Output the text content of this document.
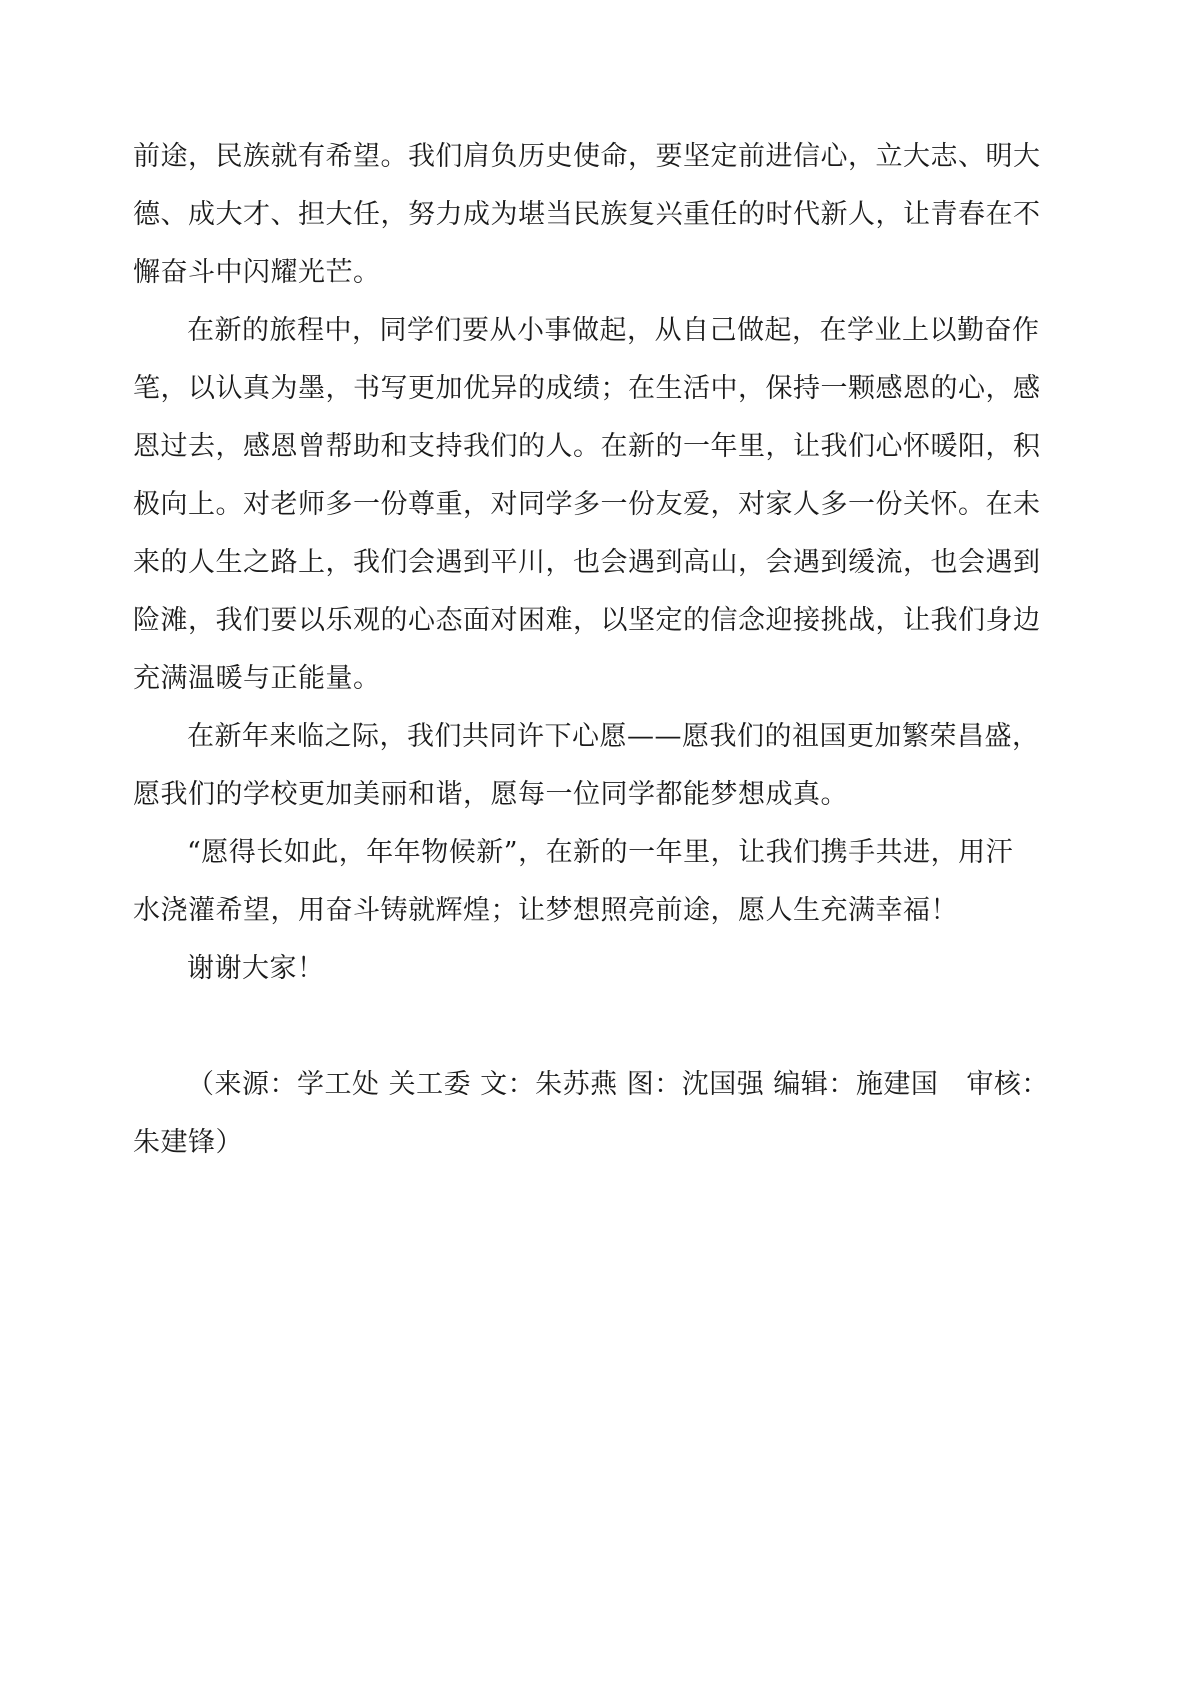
前途，民族就有希望。我们肩负历史使命，要坚定前进信心，立大志、明大
德、成大才、担大任，努力成为堪当民族复兴重任的时代新人，让青春在不
懈奋斗中闪耀光芒。
在新的旅程中，同学们要从小事做起，从自己做起，在学业上以勤奋作
笔，以认真为墨，书写更加优异的成绩；在生活中，保持一颗感恩的心，感
恩过去，感恩曾帮助和支持我们的人。在新的一年里，让我们心怀暖阳，积
极向上。对老师多一份尊重，对同学多一份友爱，对家人多一份关怀。在未
来的人生之路上，我们会遇到平川，也会遇到高山，会遇到缓流，也会遇到
险滩，我们要以乐观的心态面对困难，以坚定的信念迎接挑战，让我们身边
充满温暖与正能量。
在新年来临之际，我们共同许下心愿——愿我们的祖国更加繁荣昌盛，
愿我们的学校更加美丽和谐，愿每一位同学都能梦想成真。
“愿得长如此，年年物候新”，在新的一年里，让我们携手共进，用汗
水浇灌希望，用奋斗铸就辉煌；让梦想照亮前途，愿人生充满幸福！
谢谢大家！
（来源：学工处 关工委 文：朱苏燕 图：沈国强 编辑：施建国 审核：
朱建锋）
